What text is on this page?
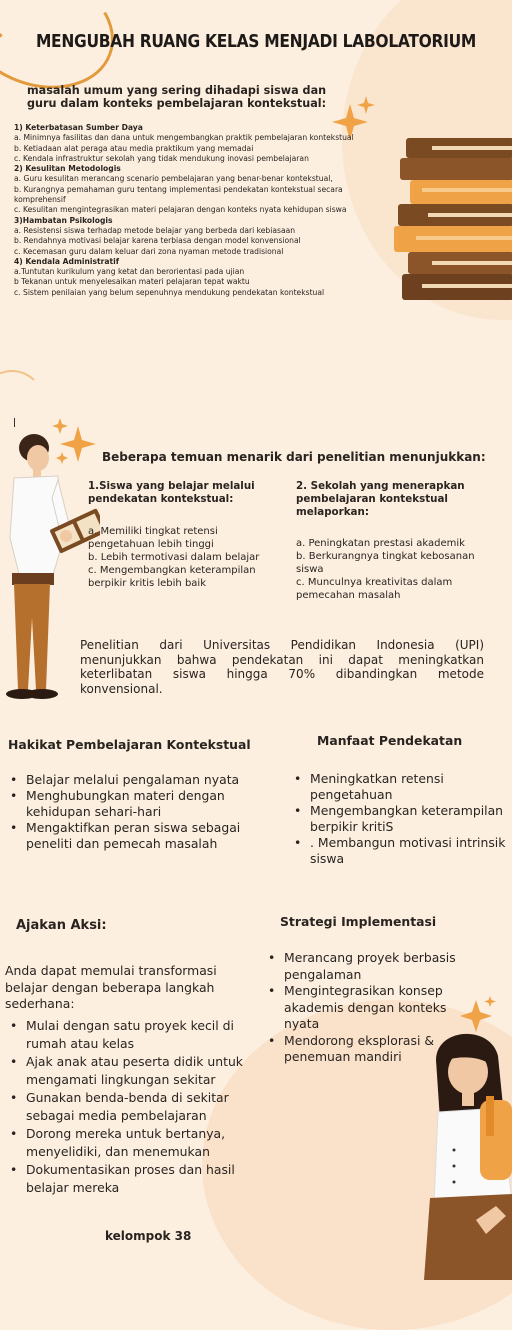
MENGUBAH RUANG KELAS MENJADI LABOLATORIUM
masalah umum yang sering dihadapi siswa dan guru dalam konteks pembelajaran kontekstual:
1) Keterbatasan Sumber Daya
a. Minimnya fasilitas dan dana untuk mengembangkan praktik pembelajaran kontekstual
b. Ketiadaan alat peraga atau media praktikum yang memadai
c. Kendala infrastruktur sekolah yang tidak mendukung inovasi pembelajaran
2) Kesulitan Metodologis
a. Guru kesulitan merancang scenario pembelajaran yang benar-benar kontekstual,
b. Kurangnya pemahaman guru tentang implementasi pendekatan kontekstual secara komprehensif
c. Kesulitan mengintegrasikan materi pelajaran dengan konteks nyata kehidupan siswa
3)Hambatan Psikologis
a. Resistensi siswa terhadap metode belajar yang berbeda dari kebiasaan
b. Rendahnya motivasi belajar karena terbiasa dengan model konvensional
c. Kecemasan guru dalam keluar dari zona nyaman metode tradisional
4) Kendala Administratif
a.Tuntutan kurikulum yang ketat dan berorientasi pada ujian
b Tekanan untuk menyelesaikan materi pelajaran tepat waktu
c. Sistem penilaian yang belum sepenuhnya mendukung pendekatan kontekstual
Beberapa temuan menarik dari penelitian menunjukkan:
1.Siswa yang belajar melalui pendekatan kontekstual:
a. Memiliki tingkat retensi pengetahuan lebih tinggi
b. Lebih termotivasi dalam belajar
c. Mengembangkan keterampilan berpikir kritis lebih baik
2. Sekolah yang menerapkan pembelajaran kontekstual melaporkan:
a. Peningkatan prestasi akademik
b. Berkurangnya tingkat kebosanan siswa
c. Munculnya kreativitas dalam pemecahan masalah
Penelitian dari Universitas Pendidikan Indonesia (UPI) menunjukkan bahwa pendekatan ini dapat meningkatkan keterlibatan siswa hingga 70% dibandingkan metode konvensional.
Hakikat Pembelajaran Kontekstual
• Belajar melalui pengalaman nyata
• Menghubungkan materi dengan kehidupan sehari-hari
• Mengaktifkan peran siswa sebagai peneliti dan pemecah masalah
Manfaat Pendekatan
• Meningkatkan retensi pengetahuan
• Mengembangkan keterampilan berpikir kritiS
• . Membangun motivasi intrinsik siswa
Ajakan Aksi:
Anda dapat memulai transformasi belajar dengan beberapa langkah sederhana:
• Mulai dengan satu proyek kecil di rumah atau kelas
• Ajak anak atau peserta didik untuk mengamati lingkungan sekitar
• Gunakan benda-benda di sekitar sebagai media pembelajaran
• Dorong mereka untuk bertanya, menyelidiki, dan menemukan
• Dokumentasikan proses dan hasil belajar mereka
Strategi Implementasi
• Merancang proyek berbasis pengalaman
• Mengintegrasikan konsep akademis dengan konteks nyata
• Mendorong eksplorasi & penemuan mandiri
kelompok 38
